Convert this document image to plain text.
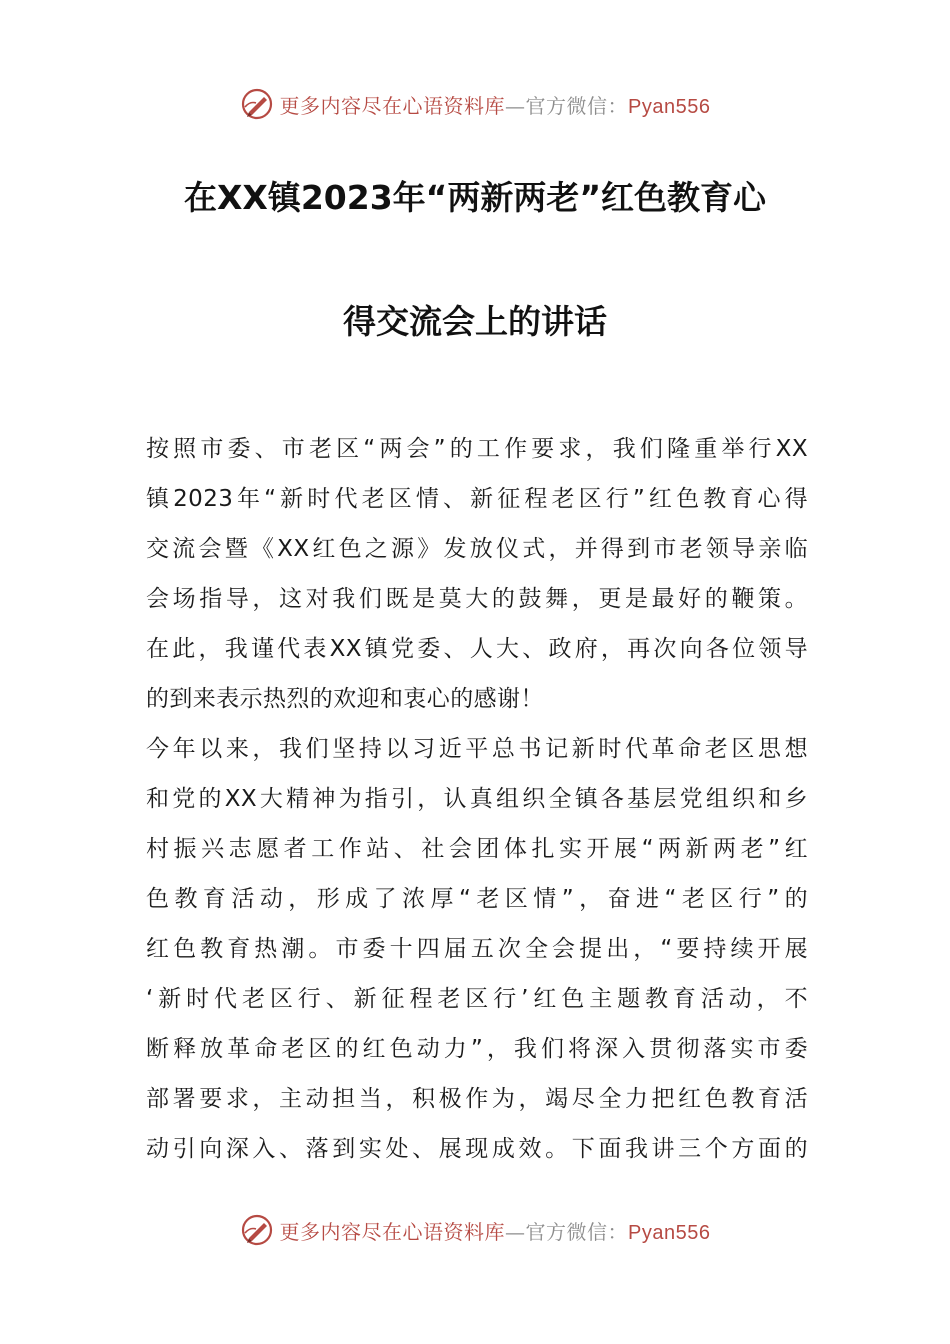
更多内容尽在心语资料库—官方微信：Pyan556
在XX镇2023年“两新两老”红色教育心
得交流会上的讲话
按照市委、市老区“两会”的工作要求，我们隆重举行XX
镇2023年“新时代老区情、新征程老区行”红色教育心得
交流会暨《XX红色之源》发放仪式，并得到市老领导亲临
会场指导，这对我们既是莫大的鼓舞，更是最好的鞭策。
在此，我谨代表XX镇党委、人大、政府，再次向各位领导
的到来表示热烈的欢迎和衷心的感谢！
今年以来，我们坚持以习近平总书记新时代革命老区思想
和党的XX大精神为指引，认真组织全镇各基层党组织和乡
村振兴志愿者工作站、社会团体扎实开展“两新两老”红
色教育活动，形成了浓厚“老区情”，奋进“老区行”的
红色教育热潮。市委十四届五次全会提出，“要持续开展
‘新时代老区行、新征程老区行’红色主题教育活动，不
断释放革命老区的红色动力”，我们将深入贯彻落实市委
部署要求，主动担当，积极作为，竭尽全力把红色教育活
动引向深入、落到实处、展现成效。下面我讲三个方面的
更多内容尽在心语资料库—官方微信：Pyan556
